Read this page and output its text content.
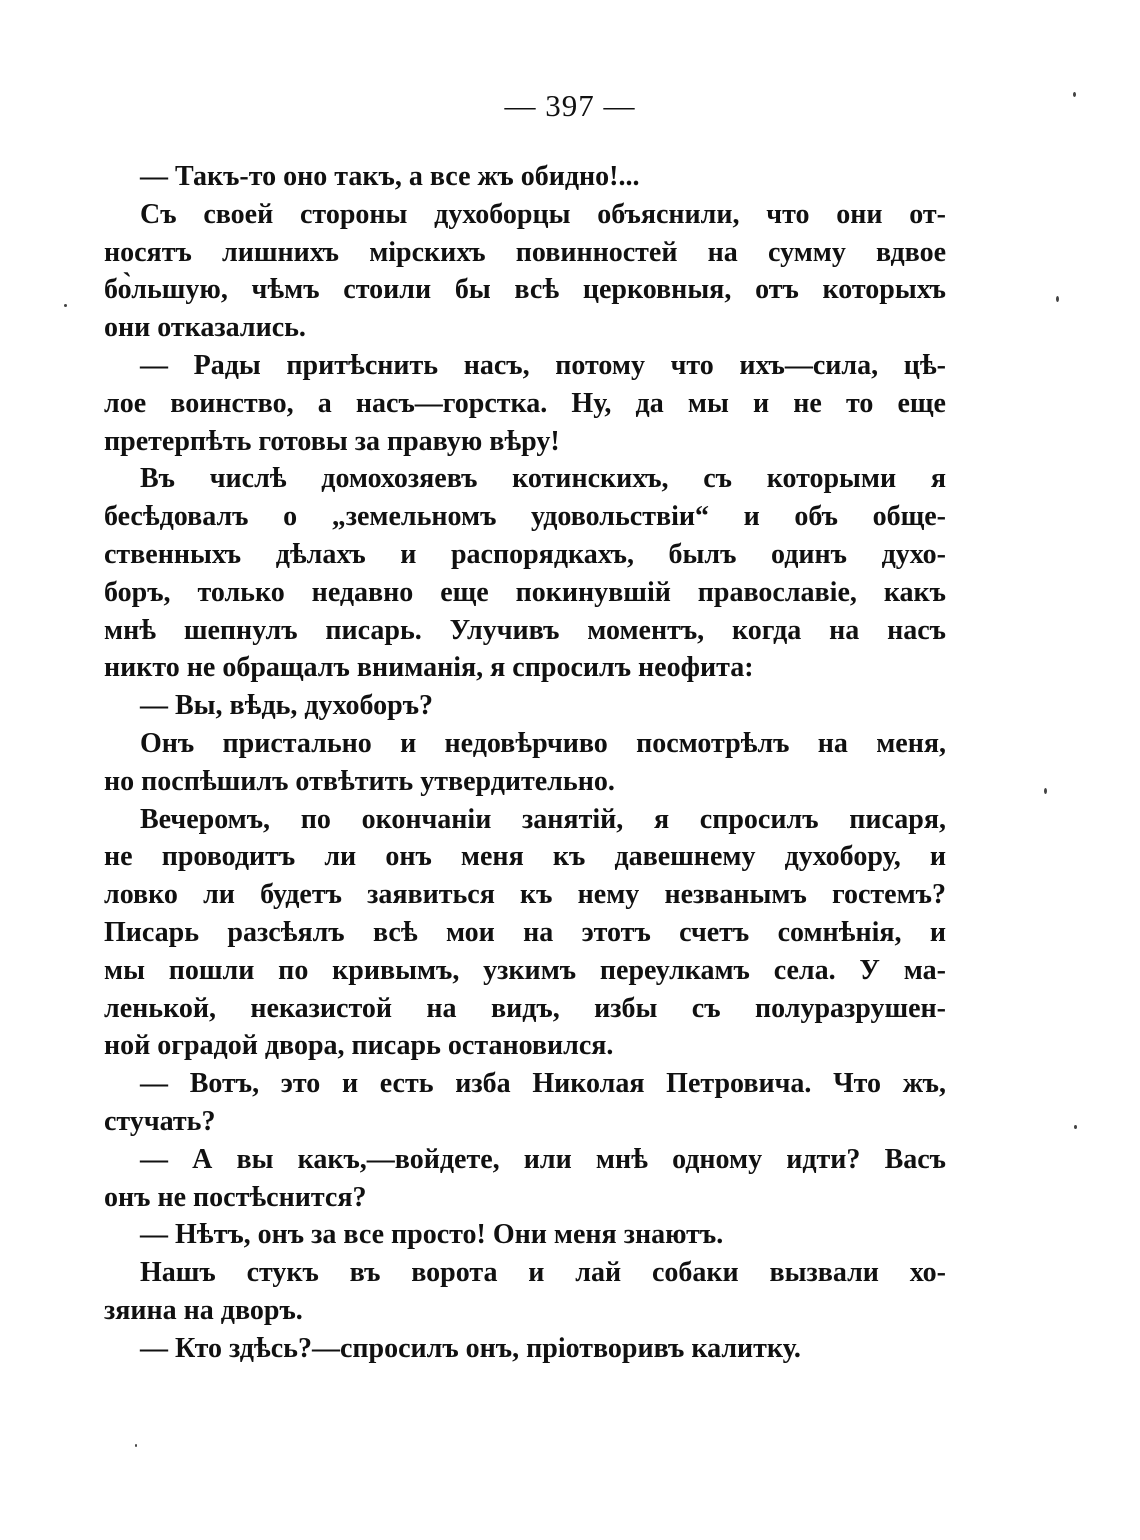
— 397 —
— Такъ-то оно такъ, а все жъ обидно!...
Съ своей стороны духоборцы объяснили, что они от-
носятъ лишнихъ мірскихъ повинностей на сумму вдвое
бо̀льшую, чѣмъ стоили бы всѣ церковныя, отъ которыхъ
они отказались.
— Рады притѣснить насъ, потому что ихъ—сила, цѣ-
лое воинство, а насъ—горстка. Ну, да мы и не то еще
претерпѣть готовы за правую вѣру!
Въ числѣ домохозяевъ котинскихъ, съ которыми я
бесѣдовалъ о „земельномъ удовольствіи“ и объ обще-
ственныхъ дѣлахъ и распорядкахъ, былъ одинъ духо-
боръ, только недавно еще покинувшій православіе, какъ
мнѣ шепнулъ писарь. Улучивъ моментъ, когда на насъ
никто не обращалъ вниманія, я спросилъ неофита:
— Вы, вѣдь, духоборъ?
Онъ пристально и недовѣрчиво посмотрѣлъ на меня,
но поспѣшилъ отвѣтить утвердительно.
Вечеромъ, по окончаніи занятій, я спросилъ писаря,
не проводитъ ли онъ меня къ давешнему духобору, и
ловко ли будетъ заявиться къ нему незванымъ гостемъ?
Писарь разсѣялъ всѣ мои на этотъ счетъ сомнѣнія, и
мы пошли по кривымъ, узкимъ переулкамъ села. У ма-
ленькой, неказистой на видъ, избы съ полуразрушен-
ной оградой двора, писарь остановился.
— Вотъ, это и есть изба Николая Петровича. Что жъ,
стучать?
— А вы какъ,—войдете, или мнѣ одному идти? Васъ
онъ не постѣснится?
— Нѣтъ, онъ за все просто! Они меня знаютъ.
Нашъ стукъ въ ворота и лай собаки вызвали хо-
зяина на дворъ.
— Кто здѣсь?—спросилъ онъ, пріотворивъ калитку.
